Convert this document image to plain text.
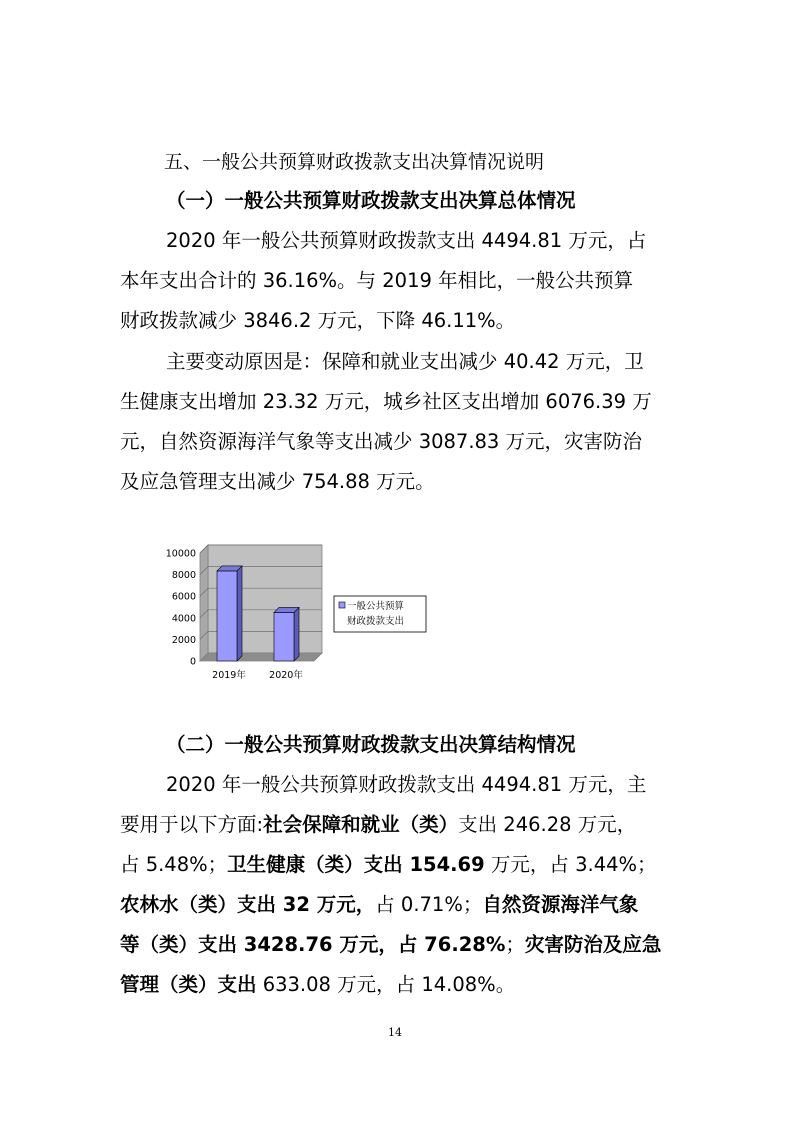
五、一般公共预算财政拨款支出决算情况说明
（一）一般公共预算财政拨款支出决算总体情况
2020 年一般公共预算财政拨款支出 4494.81 万元，占
本年支出合计的 36.16%。与 2019 年相比，一般公共预算
财政拨款减少 3846.2 万元，下降 46.11%。
主要变动原因是：保障和就业支出减少 40.42 万元，卫
生健康支出增加 23.32 万元，城乡社区支出增加 6076.39 万
元，自然资源海洋气象等支出减少 3087.83 万元，灾害防治
及应急管理支出减少 754.88 万元。
10000
8000
6000
4000
2000
0
2019年 2020年
一般公共预算
财政拨款支出
（二）一般公共预算财政拨款支出决算结构情况
2020 年一般公共预算财政拨款支出 4494.81 万元，主
要用于以下方面:社会保障和就业（类）支出 246.28 万元，
占 5.48%；卫生健康（类）支出 154.69 万元，占 3.44%；
农林水（类）支出 32 万元，占 0.71%；自然资源海洋气象
等（类）支出 3428.76 万元，占 76.28%；灾害防治及应急
管理（类）支出 633.08 万元，占 14.08%。
14
